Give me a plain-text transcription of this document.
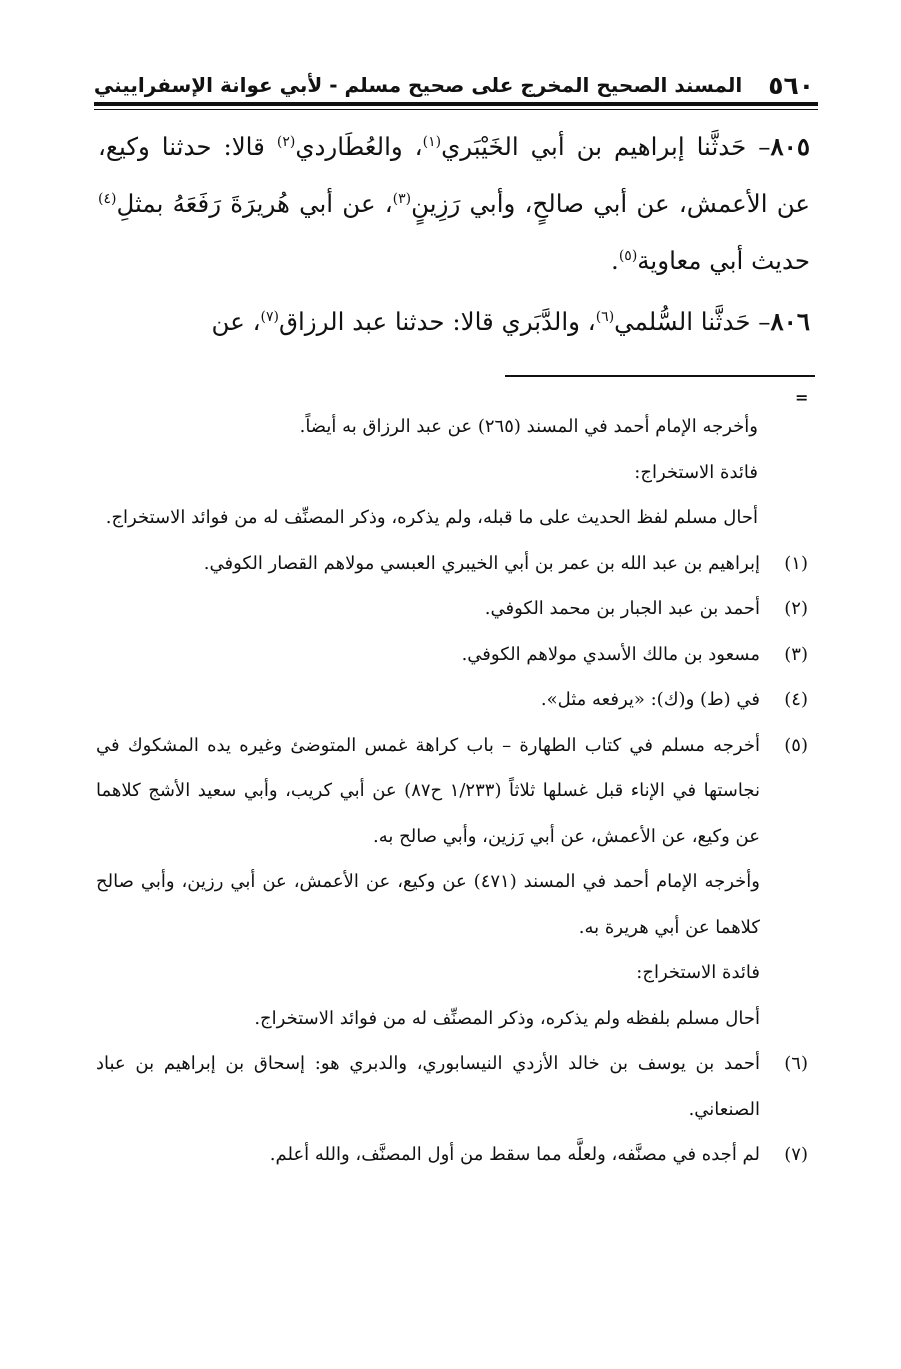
٥٦٠
المسند الصحيح المخرج على صحيح مسلم - لأبي عوانة الإسفراييني

٨٠٥– حَدثَّنا إبراهيم بن أبي الخَيْبَري$^{(١)}$، والعُطَاردي$^{(٢)}$ قالا: حدثنا وكيع، عن الأعمش، عن أبي صالحٍ، وأبي رَزِينٍ$^{(٣)}$، عن أبي هُريرَةَ رَفَعَهُ بمثلِ$^{(٤)}$ حديث أبي معاوية$^{(٥)}$.

٨٠٦– حَدثَّنا السُّلمي$^{(٦)}$، والدَّبَري قالا: حدثنا عبد الرزاق$^{(٧)}$، عن

=

وأخرجه الإمام أحمد في المسند (٢٦٥) عن عبد الرزاق به أيضاً.

فائدة الاستخراج:

أحال مسلم لفظ الحديث على ما قبله، ولم يذكره، وذكر المصنِّف له من فوائد الاستخراج.

(١)

إبراهيم بن عبد الله بن عمر بن أبي الخيبري العبسي مولاهم القصار الكوفي.

(٢)

أحمد بن عبد الجبار بن محمد الكوفي.

(٣)

مسعود بن مالك الأسدي مولاهم الكوفي.

(٤)

في (ط) و(ك): «يرفعه مثل».

(٥)

أخرجه مسلم في كتاب الطهارة – باب كراهة غمس المتوضئ وغيره يده المشكوك في نجاستها في الإناء قبل غسلها ثلاثاً (١/٢٣٣ ح٨٧) عن أبي كريب، وأبي سعيد الأشج كلاهما عن وكيع، عن الأعمش، عن أبي رَزين، وأبي صالح به.

وأخرجه الإمام أحمد في المسند (٤٧١) عن وكيع، عن الأعمش، عن أبي رزين، وأبي صالح كلاهما عن أبي هريرة به.

فائدة الاستخراج:

أحال مسلم بلفظه ولم يذكره، وذكر المصنِّف له من فوائد الاستخراج.

(٦)

أحمد بن يوسف بن خالد الأزدي النيسابوري، والدبري هو: إسحاق بن إبراهيم بن عباد الصنعاني.

(٧)

لم أجده في مصنَّفه، ولعلَّه مما سقط من أول المصنَّف، والله أعلم.
